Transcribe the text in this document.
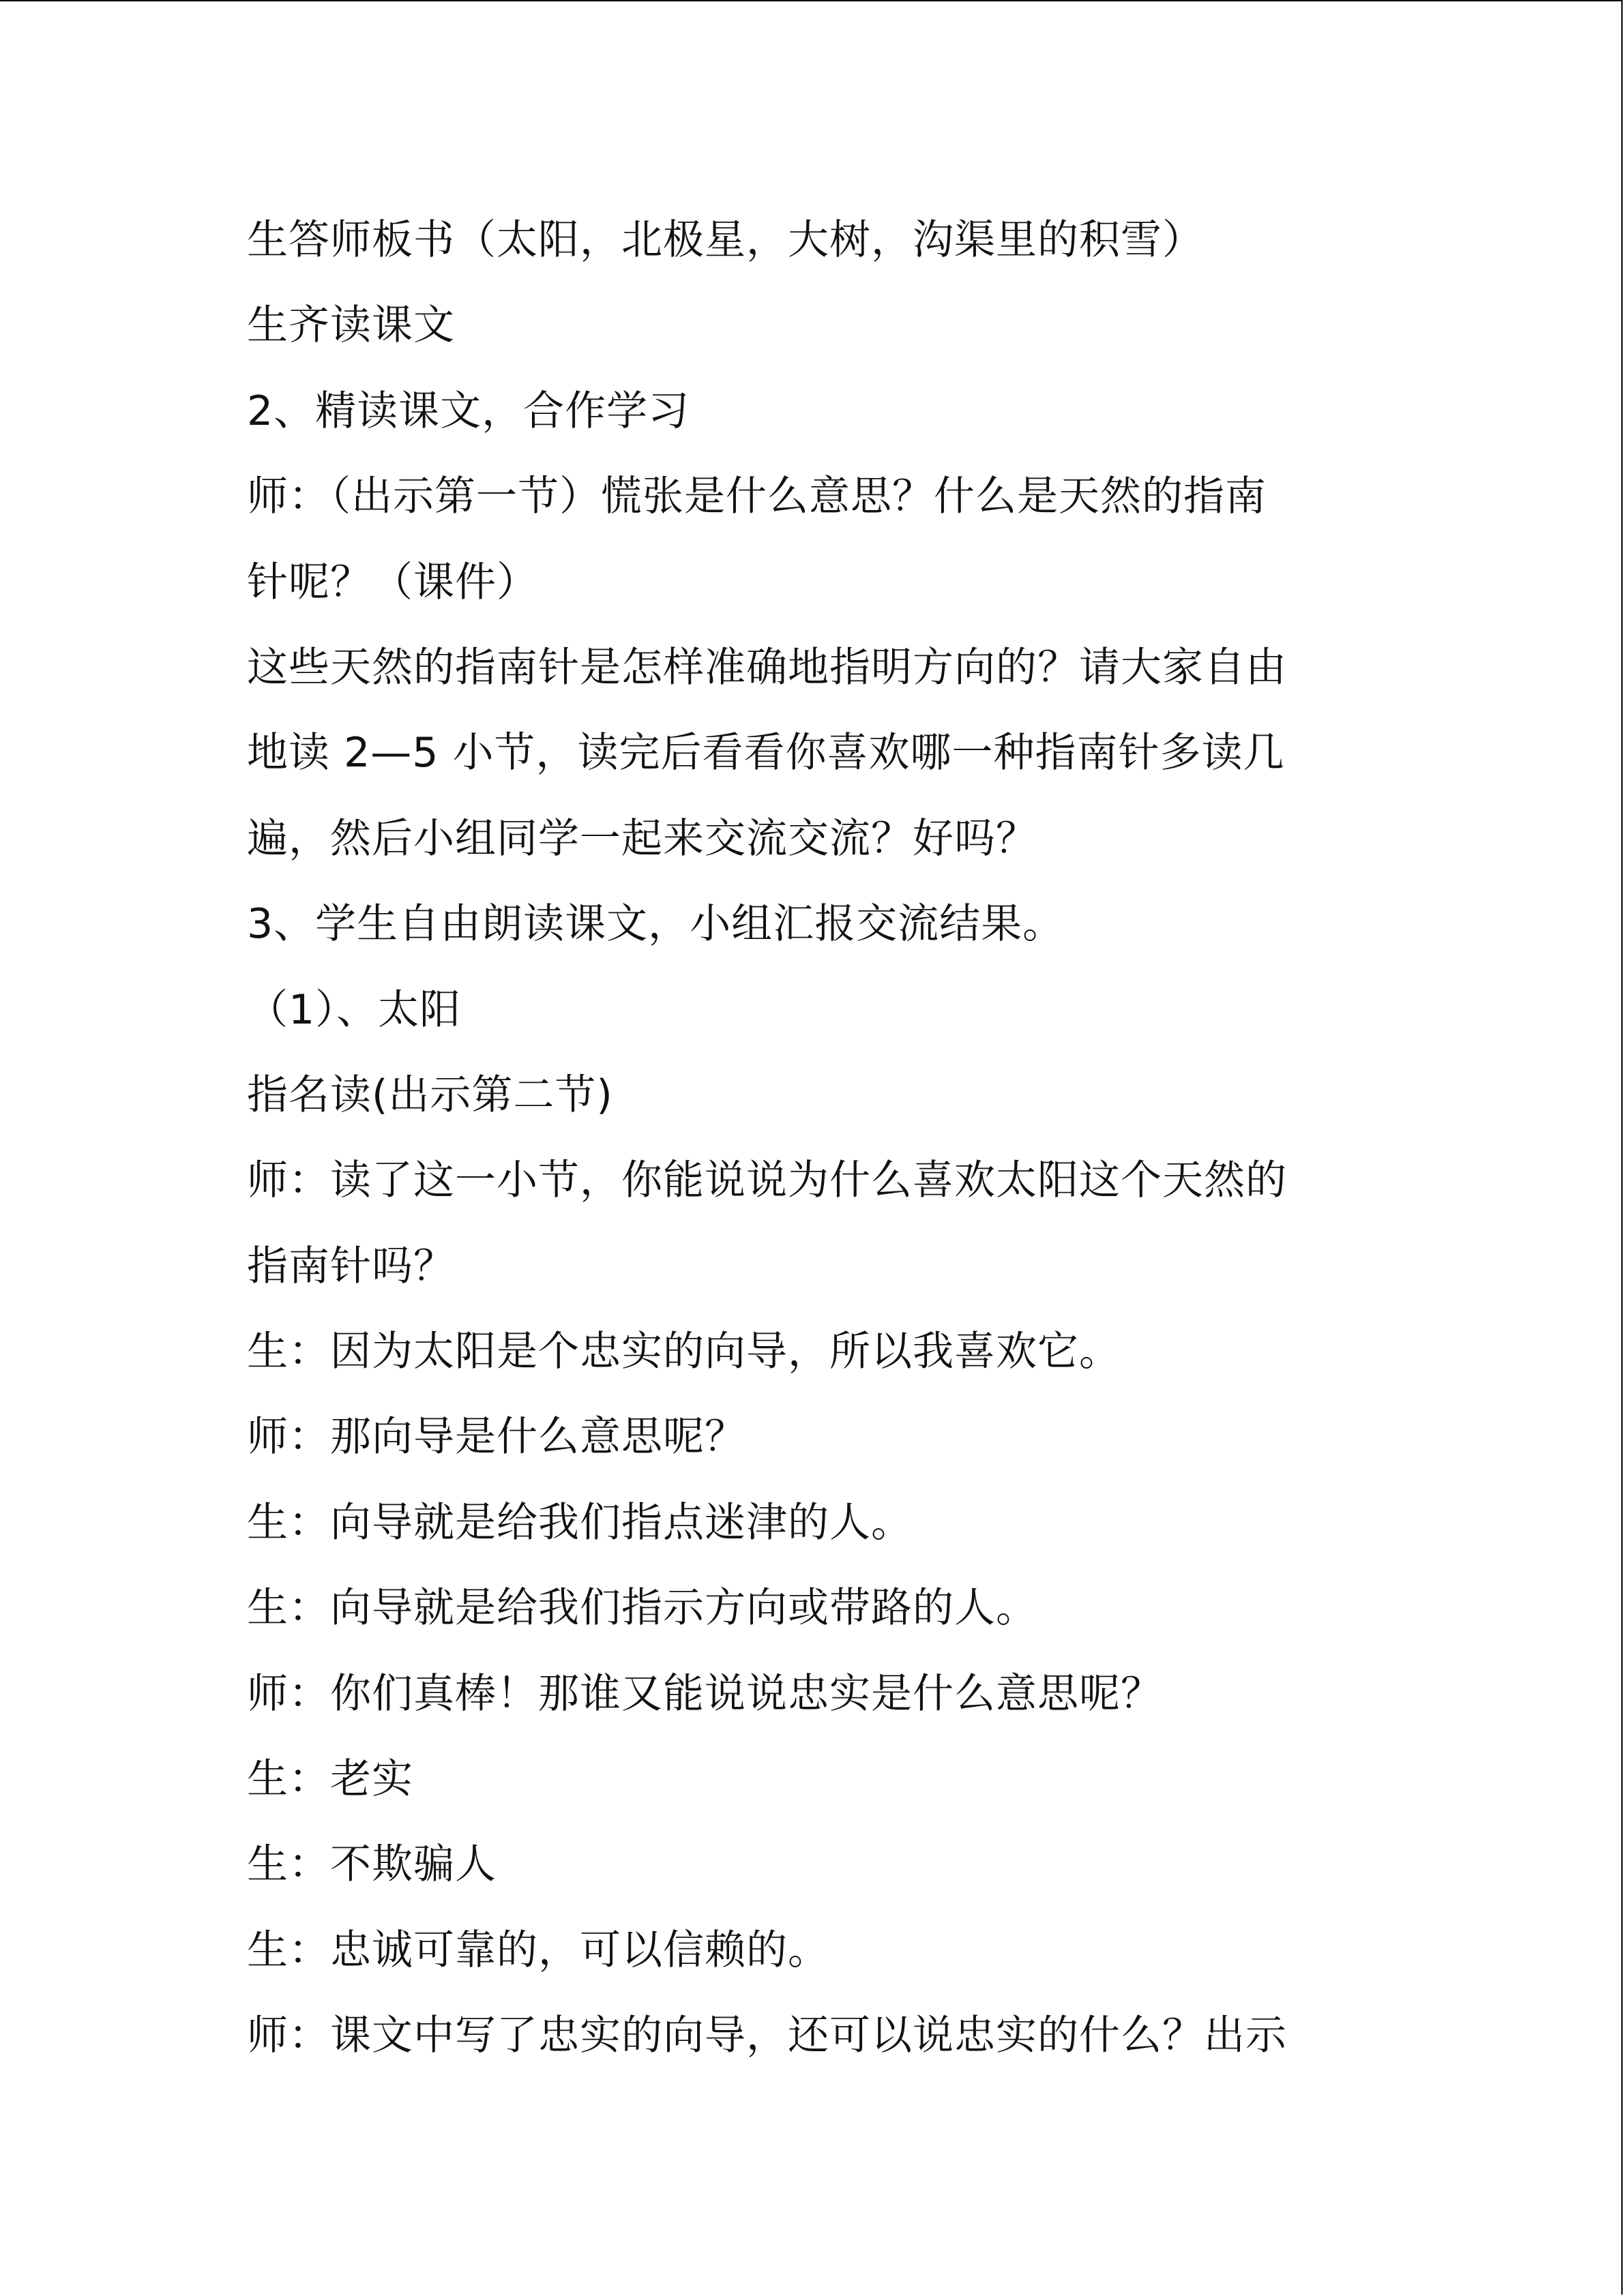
生答师板书（太阳，北极星，大树，沟渠里的积雪）
生齐读课文
2、精读课文，合作学习
师：（出示第一节）慌张是什么意思？什么是天然的指南
针呢？（课件）
这些天然的指南针是怎样准确地指明方向的？请大家自由
地读 2—5 小节，读完后看看你喜欢哪一种指南针多读几
遍，然后小组同学一起来交流交流？好吗？
3、学生自由朗读课文，小组汇报交流结果。
（1）、太阳
指名读(出示第二节)
师：读了这一小节，你能说说为什么喜欢太阳这个天然的
指南针吗？
生：因为太阳是个忠实的向导，所以我喜欢它。
师：那向导是什么意思呢？
生：向导就是给我们指点迷津的人。
生：向导就是给我们指示方向或带路的人。
师：你们真棒！那谁又能说说忠实是什么意思呢？
生：老实
生：不欺骗人
生：忠诚可靠的，可以信赖的。
师：课文中写了忠实的向导，还可以说忠实的什么？出示
